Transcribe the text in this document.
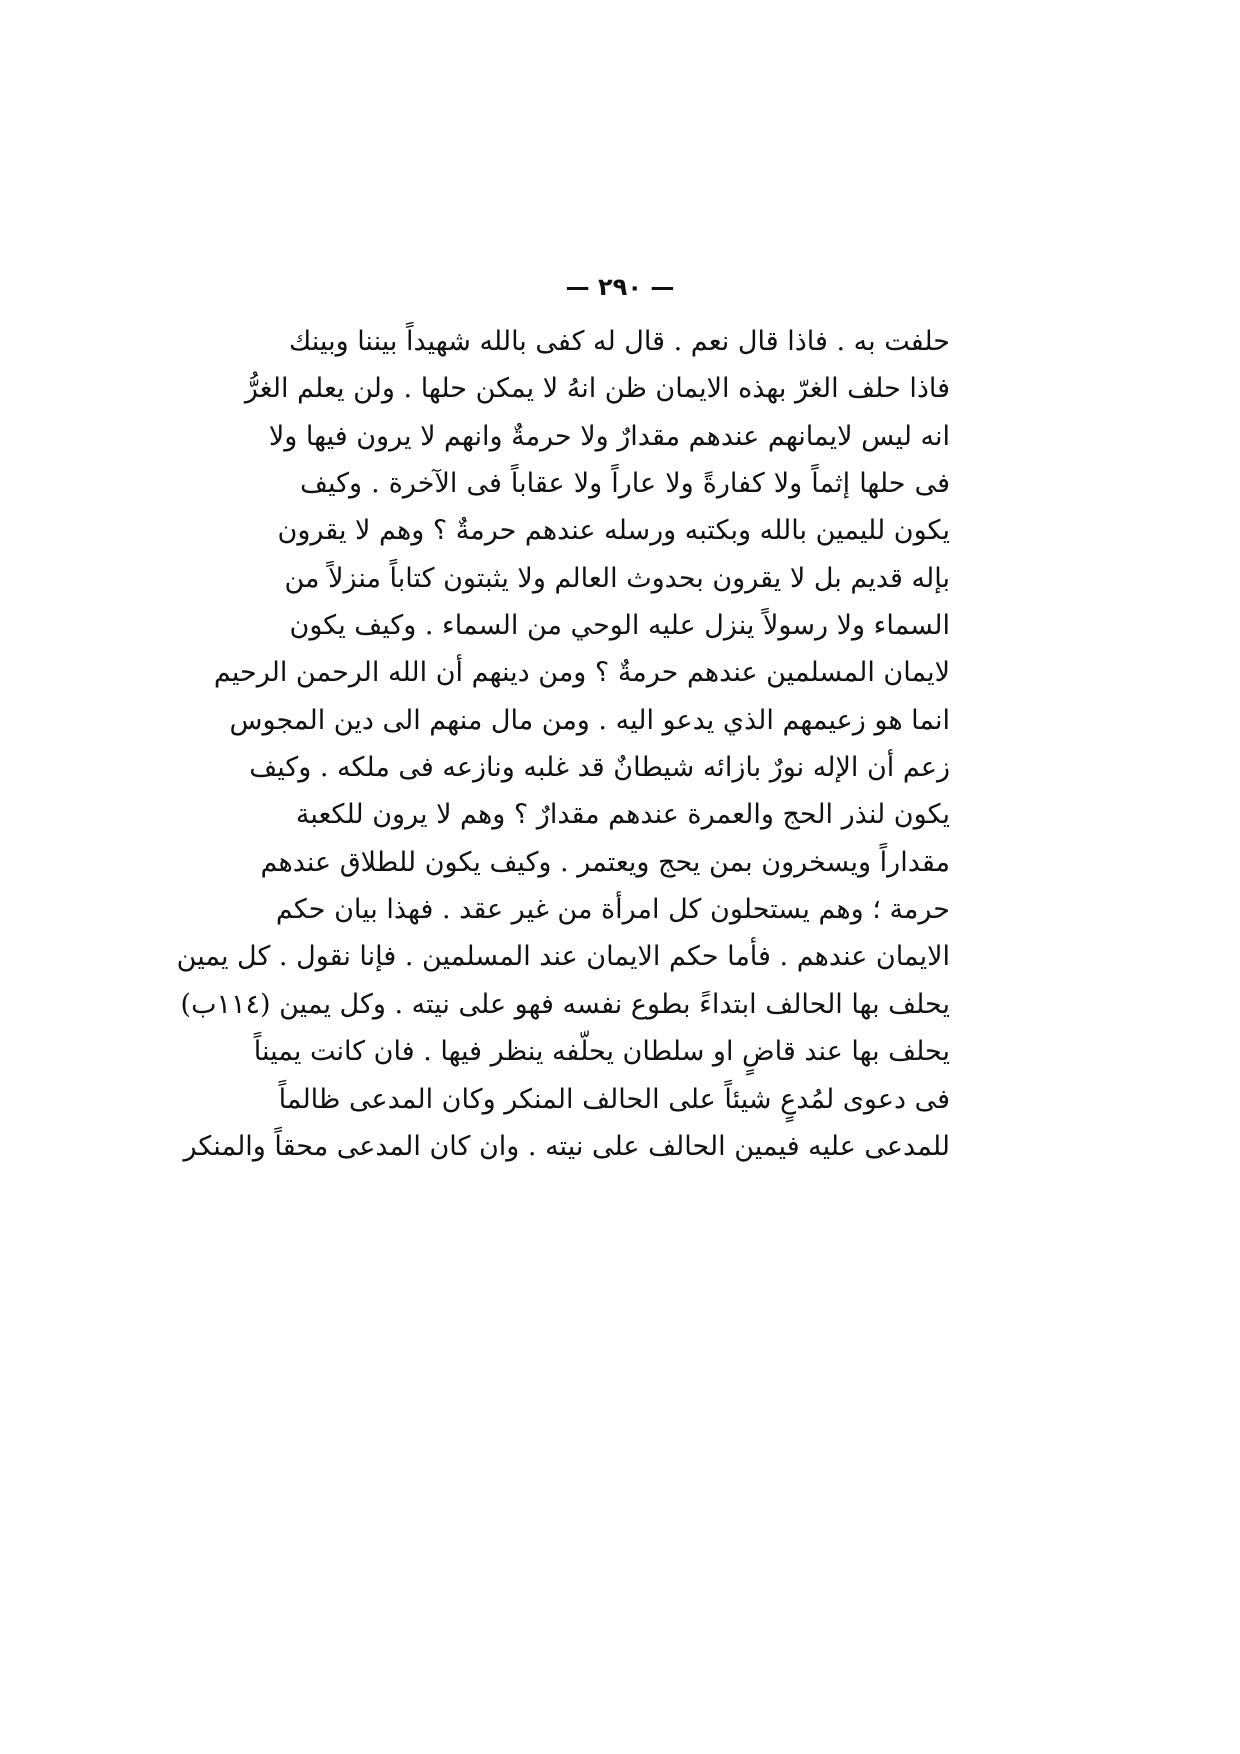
— ٢٩٠ —
حلفت به . فاذا قال نعم . قال له كفى بالله شهيداً بيننا وبينك
فاذا حلف الغرّ بهذه الايمان ظن انهُ لا يمكن حلها . ولن يعلم الغرُّ
انه ليس لايمانهم عندهم مقدارٌ ولا حرمةٌ وانهم لا يرون فيها ولا
فى حلها إثماً ولا كفارةً ولا عاراً ولا عقاباً فى الآخرة . وكيف
يكون لليمين بالله وبكتبه ورسله عندهم حرمةٌ ؟ وهم لا يقرون
بإله قديم بل لا يقرون بحدوث العالم ولا يثبتون كتاباً منزلاً من
السماء ولا رسولاً ينزل عليه الوحي من السماء . وكيف يكون
لايمان المسلمين عندهم حرمةٌ ؟ ومن دينهم أن الله الرحمن الرحيم
انما هو زعيمهم الذي يدعو اليه . ومن مال منهم الى دين المجوس
زعم أن الإله نورٌ بازائه شيطانٌ قد غلبه ونازعه فى ملكه . وكيف
يكون لنذر الحج والعمرة عندهم مقدارٌ ؟ وهم لا يرون للكعبة
مقداراً ويسخرون بمن يحج ويعتمر . وكيف يكون للطلاق عندهم
حرمة ؛ وهم يستحلون كل امرأة من غير عقد . فهذا بيان حكم
الايمان عندهم . فأما حكم الايمان عند المسلمين . فإنا نقول . كل يمين
يحلف بها الحالف ابتداءً بطوع نفسه فهو على نيته . وكل يمين (١١٤ب)
يحلف بها عند قاضٍ او سلطان يحلّفه ينظر فيها . فان كانت يميناً
فى دعوى لمُدعٍ شيئاً على الحالف المنكر وكان المدعى ظالماً
للمدعى عليه فيمين الحالف على نيته . وان كان المدعى محقاً والمنكر
